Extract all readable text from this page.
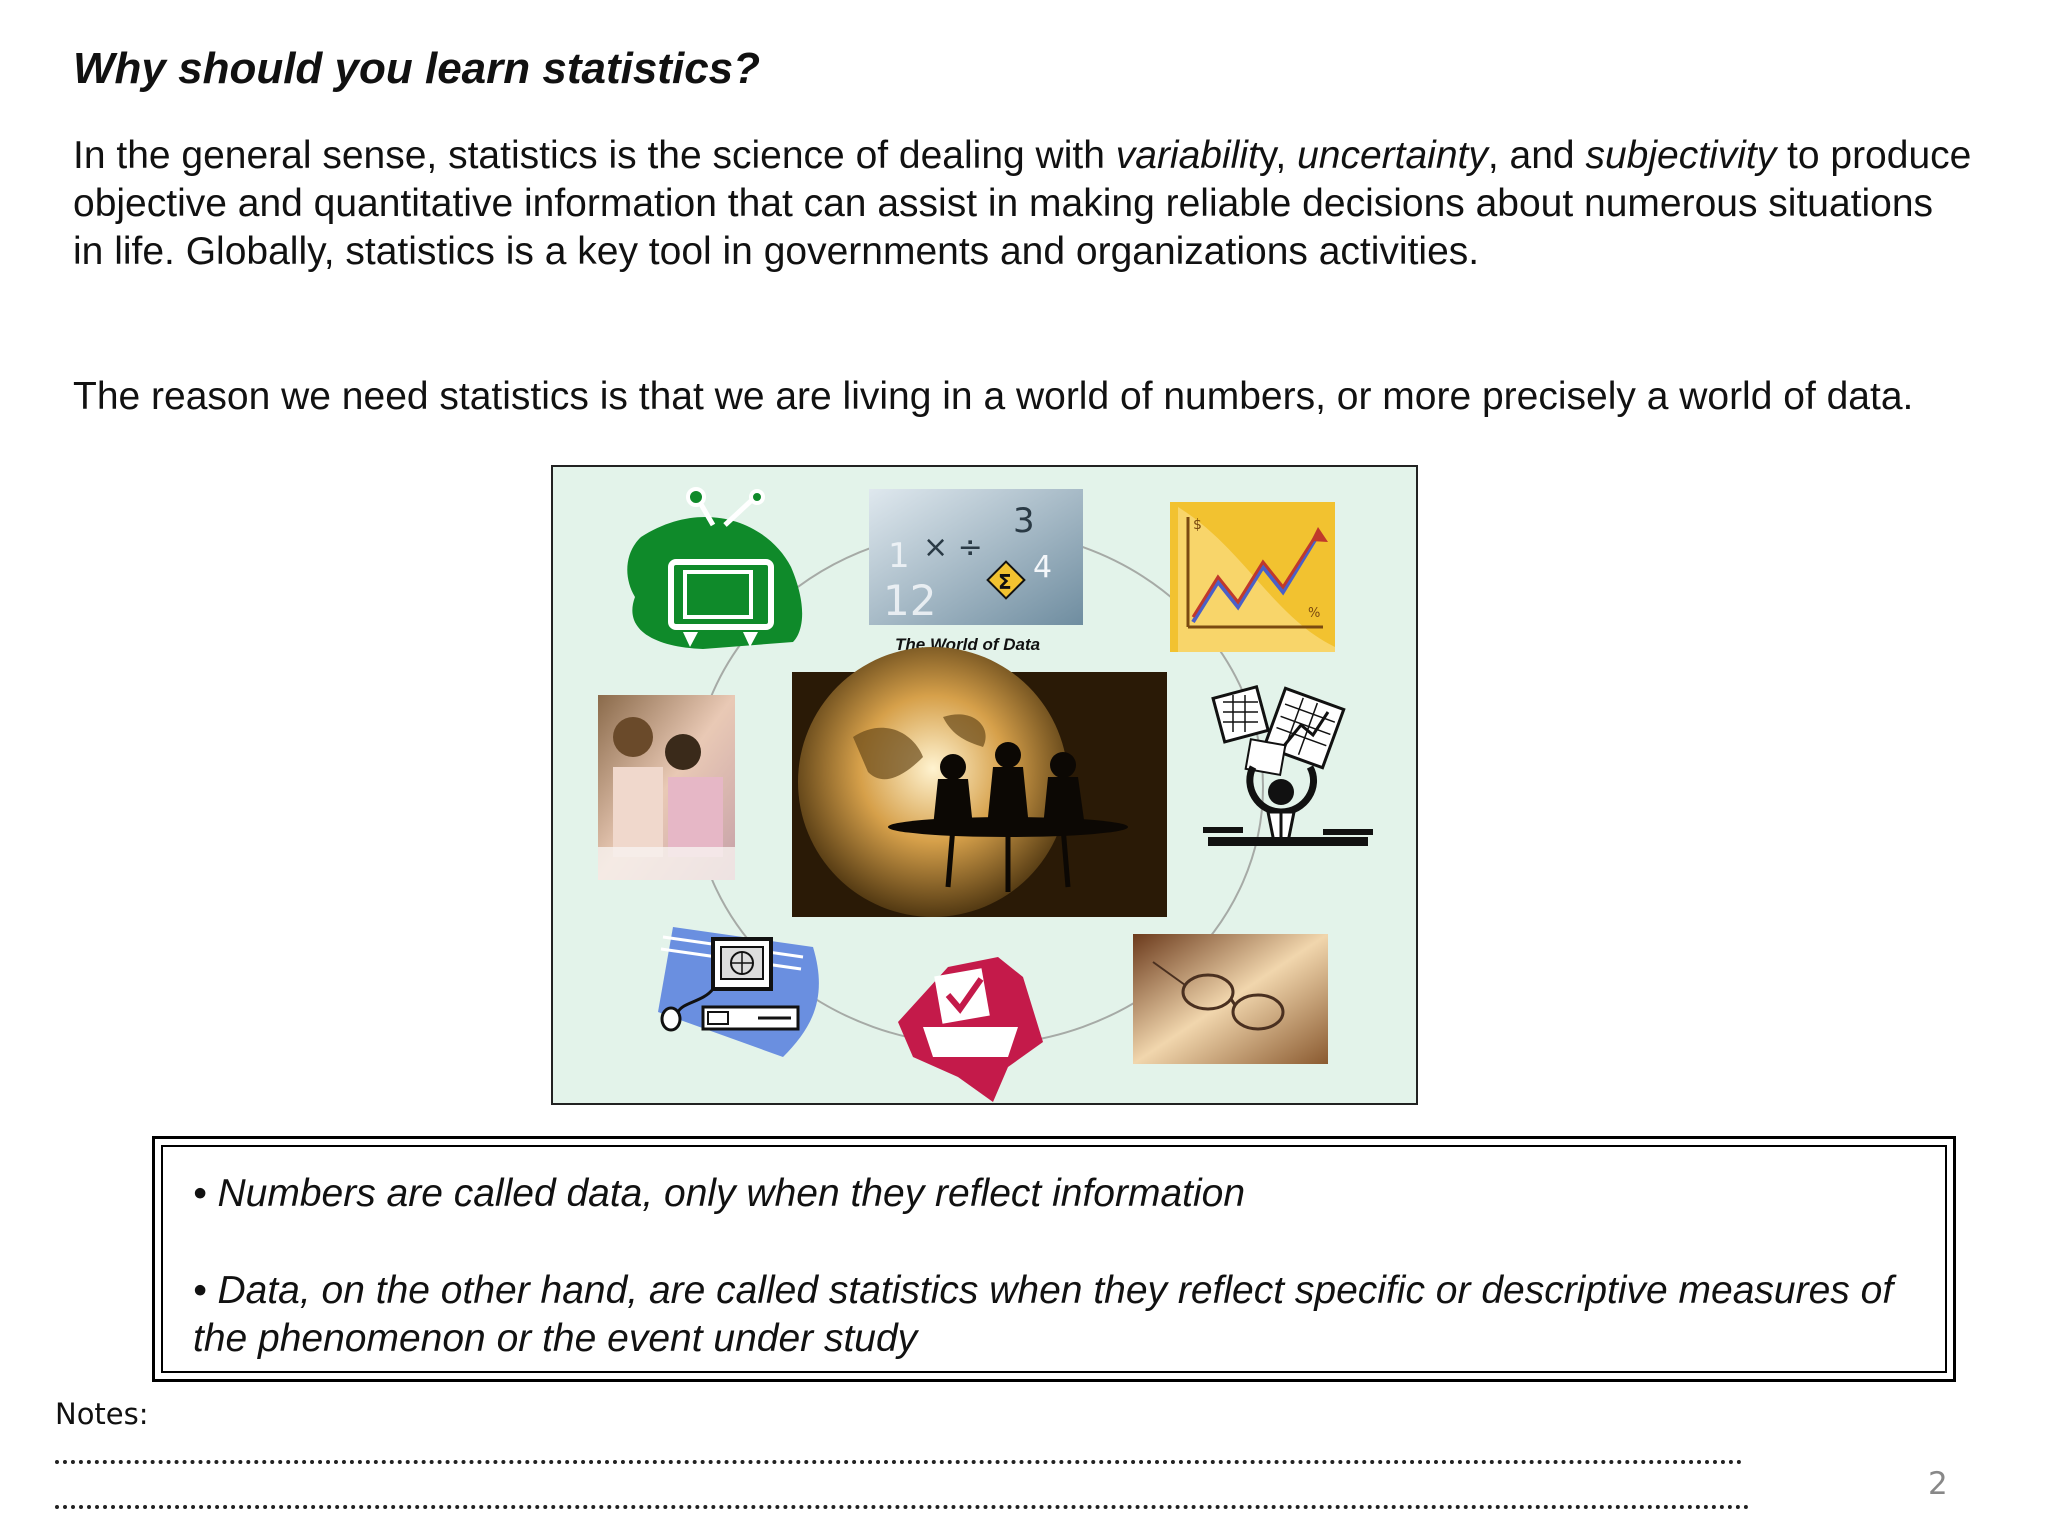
Why should you learn statistics?

In the general sense, statistics is the science of dealing with variability, uncertainty, and subjectivity to produce objective and quantitative information that can assist in making reliable decisions about numerous situations in life. Globally, statistics is a key tool in governments and organizations activities.

The reason we need statistics is that we are living in a world of numbers, or more precisely a world of data.

1
12
× ÷
3
4
Σ
The World of Data
$
%

• Numbers are called data, only when they reflect information

• Data, on the other hand, are called statistics when they reflect specific or descriptive measures of the phenomenon or the event under study

Notes:
2
